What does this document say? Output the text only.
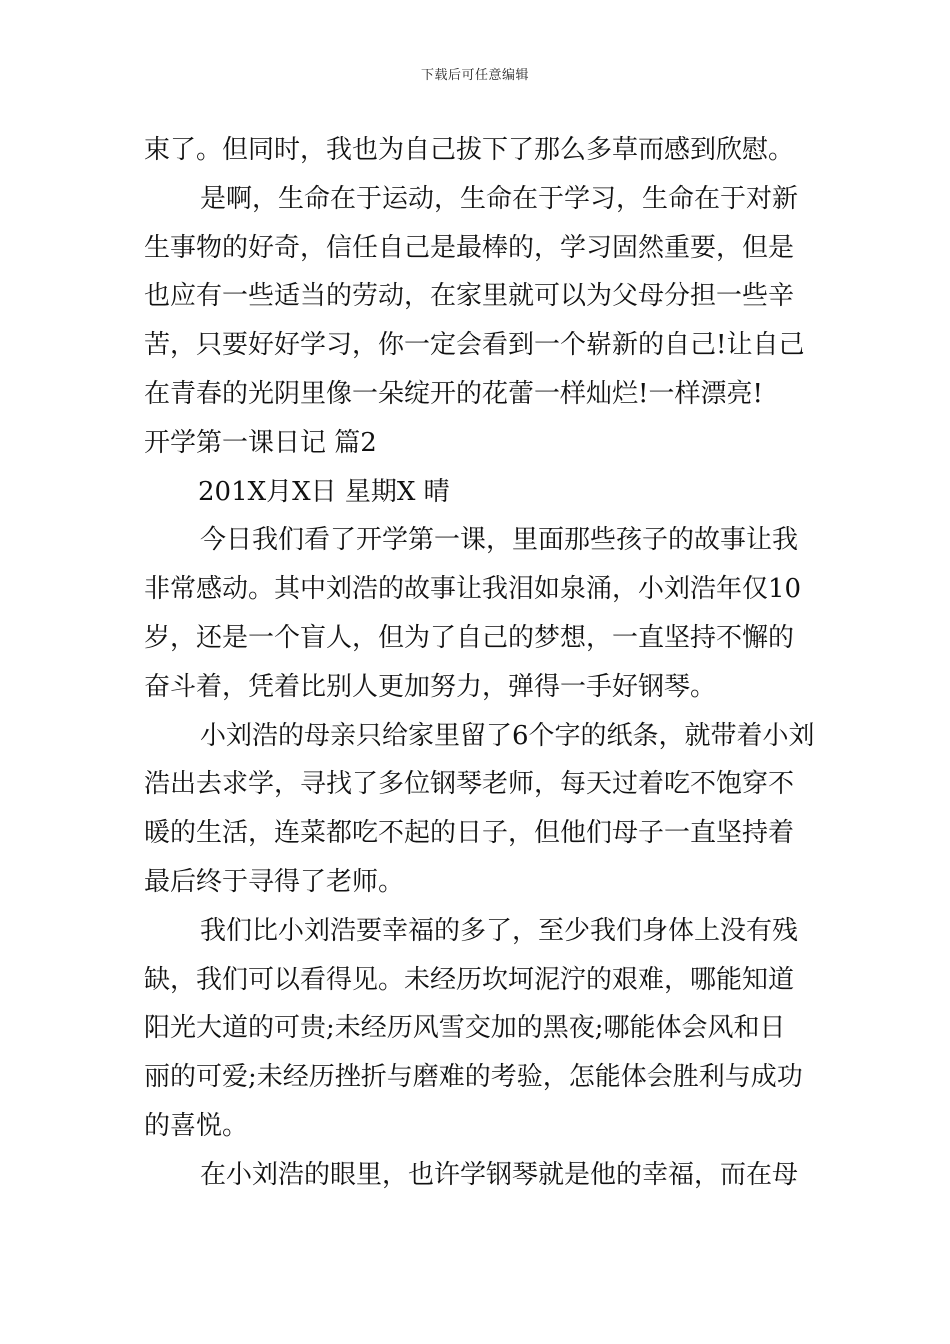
下载后可任意编辑
束了。但同时，我也为自己拔下了那么多草而感到欣慰。
是啊，生命在于运动，生命在于学习，生命在于对新
生事物的好奇，信任自己是最棒的，学习固然重要，但是
也应有一些适当的劳动，在家里就可以为父母分担一些辛
苦，只要好好学习，你一定会看到一个崭新的自己!让自己
在青春的光阴里像一朵绽开的花蕾一样灿烂!一样漂亮!
开学第一课日记 篇2
201X月X日 星期X 晴
今日我们看了开学第一课，里面那些孩子的故事让我
非常感动。其中刘浩的故事让我泪如泉涌，小刘浩年仅10
岁，还是一个盲人，但为了自己的梦想，一直坚持不懈的
奋斗着，凭着比别人更加努力，弹得一手好钢琴。
小刘浩的母亲只给家里留了6个字的纸条，就带着小刘
浩出去求学，寻找了多位钢琴老师，每天过着吃不饱穿不
暖的生活，连菜都吃不起的日子，但他们母子一直坚持着
最后终于寻得了老师。
我们比小刘浩要幸福的多了，至少我们身体上没有残
缺，我们可以看得见。未经历坎坷泥泞的艰难，哪能知道
阳光大道的可贵;未经历风雪交加的黑夜;哪能体会风和日
丽的可爱;未经历挫折与磨难的考验，怎能体会胜利与成功
的喜悦。
在小刘浩的眼里，也许学钢琴就是他的幸福，而在母
